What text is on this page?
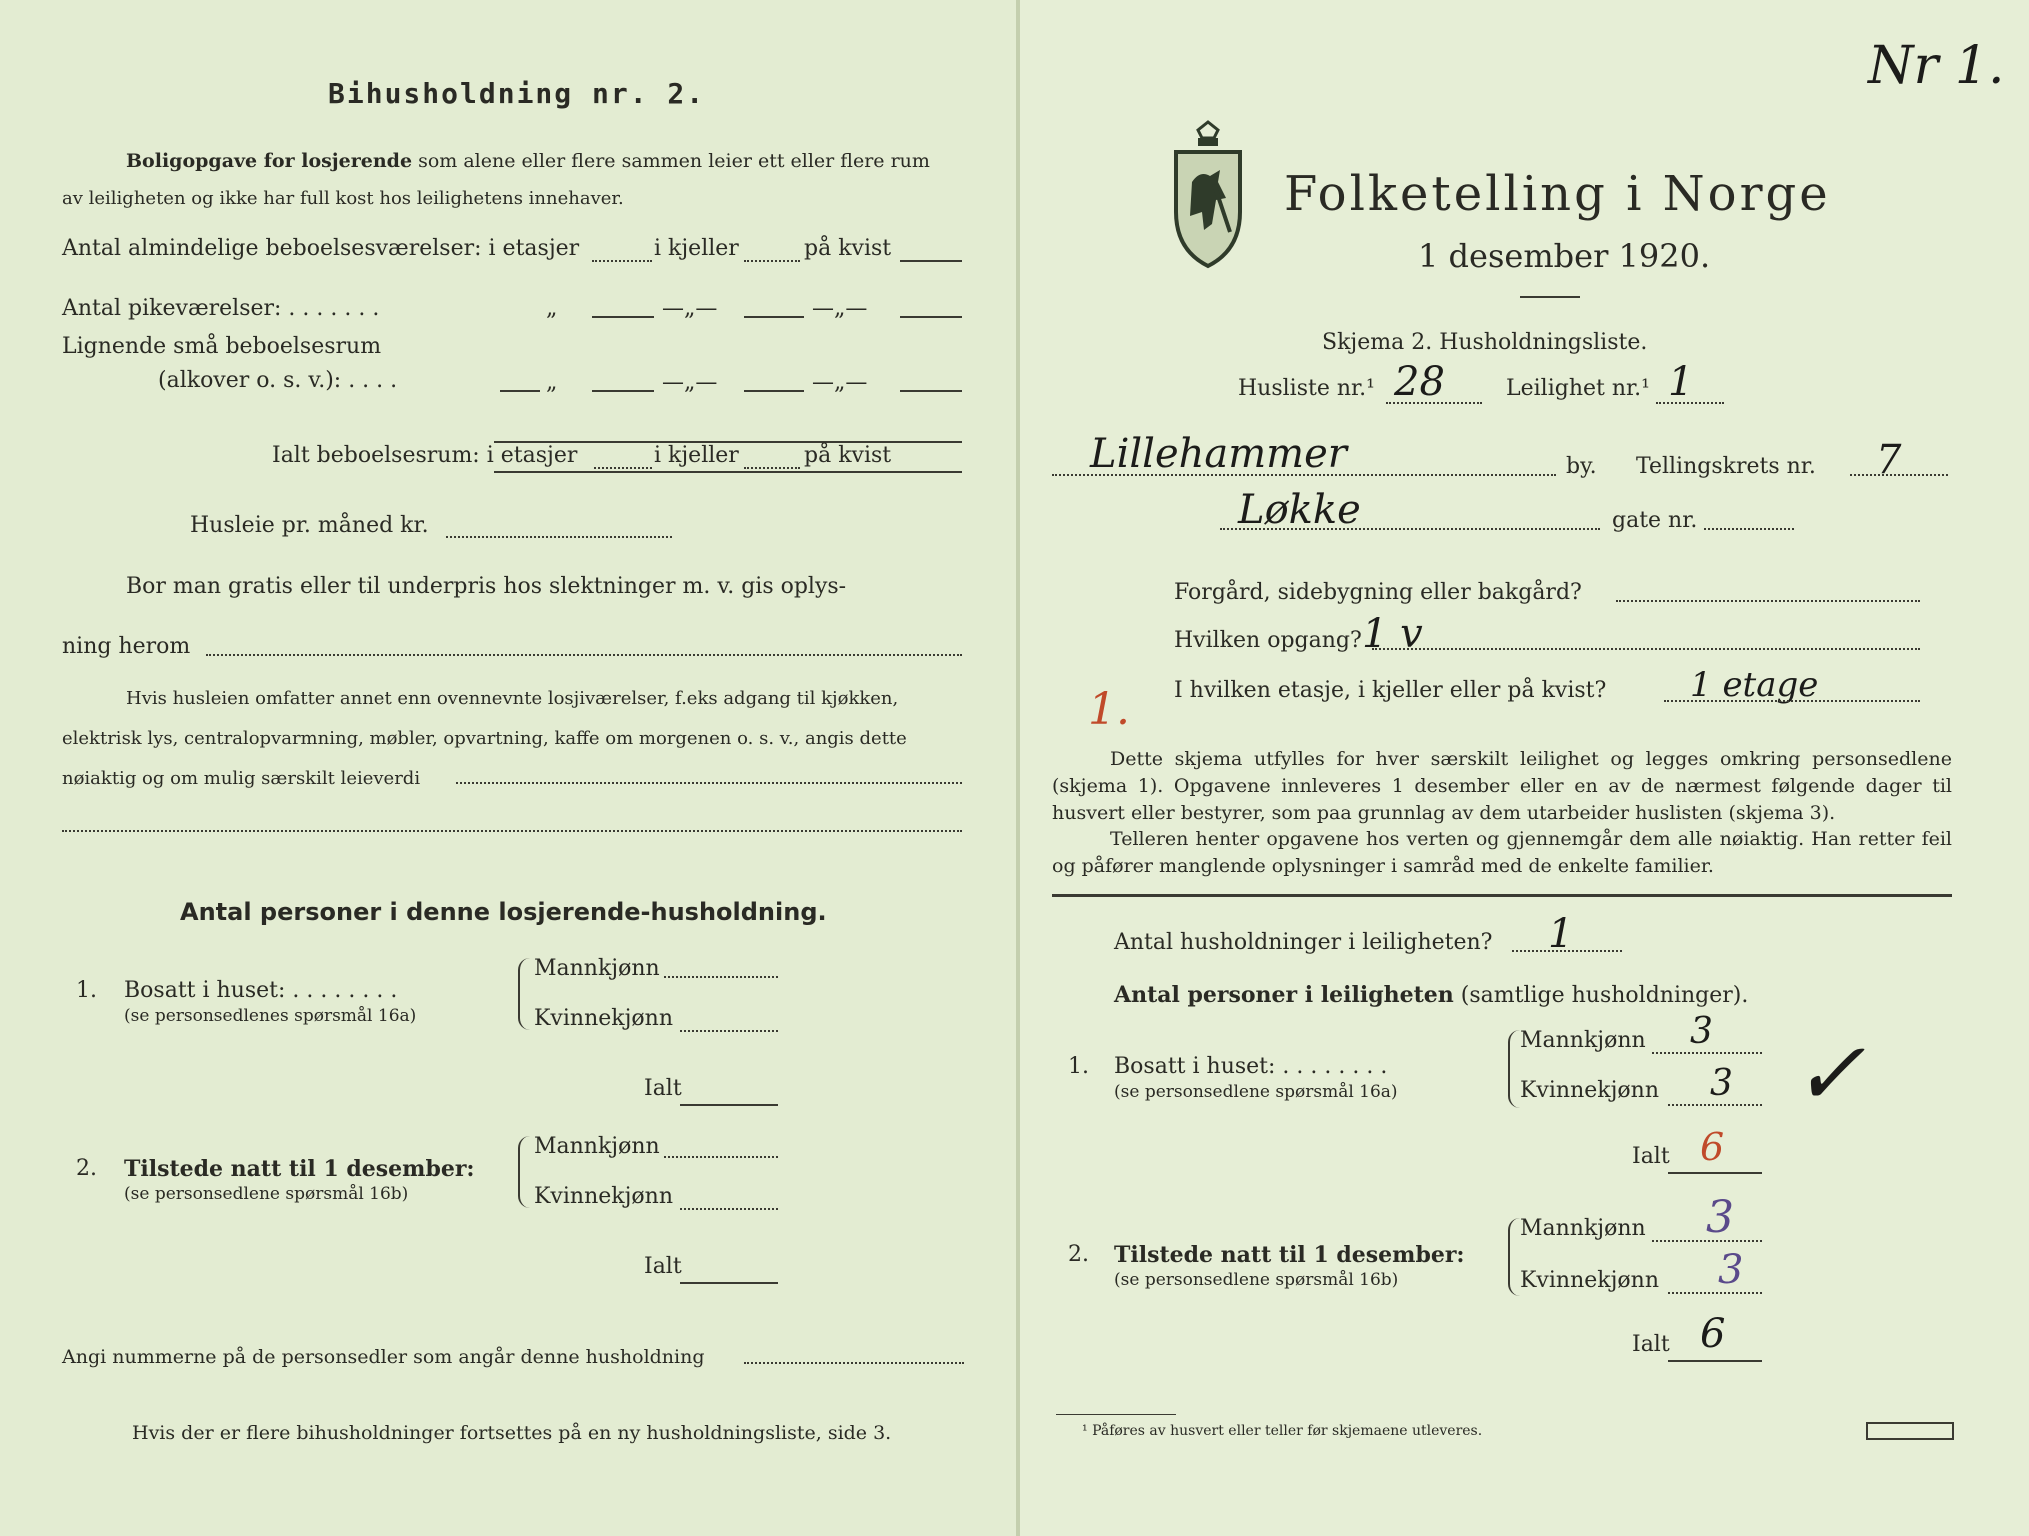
Bihusholdning nr. 2.
Boligopgave for losjerende som alene eller flere sammen leier ett eller flere rum
av leiligheten og ikke har full kost hos leilighetens innehaver.
Antal almindelige beboelsesværelser: i etasjer	i kjeller	på kvist
Antal pikeværelser: . . . . . . .	„	—„—	—„—
Lignende små beboelsesrum
(alkover o. s. v.): . . . .	„	—„—	—„—
Ialt beboelsesrum: i etasjer	i kjeller	på kvist
Husleie pr. måned kr.
Bor man gratis eller til underpris hos slektninger m. v. gis oplys-
ning herom
Hvis husleien omfatter annet enn ovennevnte losjiværelser, f.eks adgang til kjøkken,
elektrisk lys, centralopvarmning, møbler, opvartning, kaffe om morgenen o. s. v., angis dette
nøiaktig og om mulig særskilt leieverdi
Antal personer i denne losjerende-husholdning.
1. Bosatt i huset: . . . . . . . .
(se personsedlenes spørsmål 16a)
Mannkjønn
Kvinnekjønn
Ialt
2. Tilstede natt til 1 desember:
(se personsedlene spørsmål 16b)
Mannkjønn
Kvinnekjønn
Ialt
Angi nummerne på de personsedler som angår denne husholdning
Hvis der er flere bihusholdninger fortsettes på en ny husholdningsliste, side 3.
Nr 1.
Folketelling i Norge
1 desember 1920.
Skjema 2. Husholdningsliste.
Husliste nr.¹ 28	Leilighet nr.¹ 1
Lillehammer	by. Tellingskrets nr. 7
Løkke	gate nr.
Forgård, sidebygning eller bakgård?
Hvilken opgang? 1 v
1. I hvilken etasje, i kjeller eller på kvist? 1 etage
Dette skjema utfylles for hver særskilt leilighet og legges omkring personsedlene (skjema 1). Opgavene innleveres 1 desember eller en av de nærmest følgende dager til husvert eller bestyrer, som paa grunnlag av dem utarbeider huslisten (skjema 3).
Telleren henter opgavene hos verten og gjennemgår dem alle nøiaktig. Han retter feil og påfører manglende oplysninger i samråd med de enkelte familier.
Antal husholdninger i leiligheten? 1
Antal personer i leiligheten (samtlige husholdninger).
1. Bosatt i huset: . . . . . . . .
(se personsedlene spørsmål 16a)
Mannkjønn 3
Kvinnekjønn 3
Ialt 6
✓
2. Tilstede natt til 1 desember:
(se personsedlene spørsmål 16b)
Mannkjønn 3
Kvinnekjønn 3
Ialt 6
¹ Påføres av husvert eller teller før skjemaene utleveres.
